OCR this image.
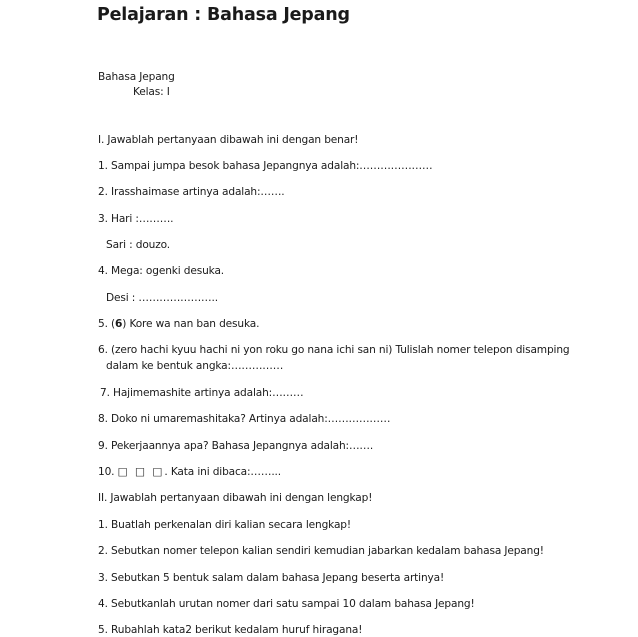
Pelajaran : Bahasa Jepang
Bahasa Jepang
Kelas: I
I. Jawablah pertanyaan dibawah ini dengan benar!
1. Sampai jumpa besok bahasa Jepangnya adalah:…………………
2. Irasshaimase artinya adalah:…….
3. Hari :……….
Sari : douzo.
4. Mega: ogenki desuka.
Desi : …………………..
5. (6) Kore wa nan ban desuka.
6. (zero hachi kyuu hachi ni yon roku go nana ichi san ni) Tulislah nomer telepon disamping
dalam ke bentuk angka:……………
7. Hajimemashite artinya adalah:………
8. Doko ni umaremashitaka? Artinya adalah:………………
9. Pekerjaannya apa? Bahasa Jepangnya adalah:…….
10. □ □ □. Kata ini dibaca:……...
II. Jawablah pertanyaan dibawah ini dengan lengkap!
1. Buatlah perkenalan diri kalian secara lengkap!
2. Sebutkan nomer telepon kalian sendiri kemudian jabarkan kedalam bahasa Jepang!
3. Sebutkan 5 bentuk salam dalam bahasa Jepang beserta artinya!
4. Sebutkanlah urutan nomer dari satu sampai 10 dalam bahasa Jepang!
5. Rubahlah kata2 berikut kedalam huruf hiragana!
